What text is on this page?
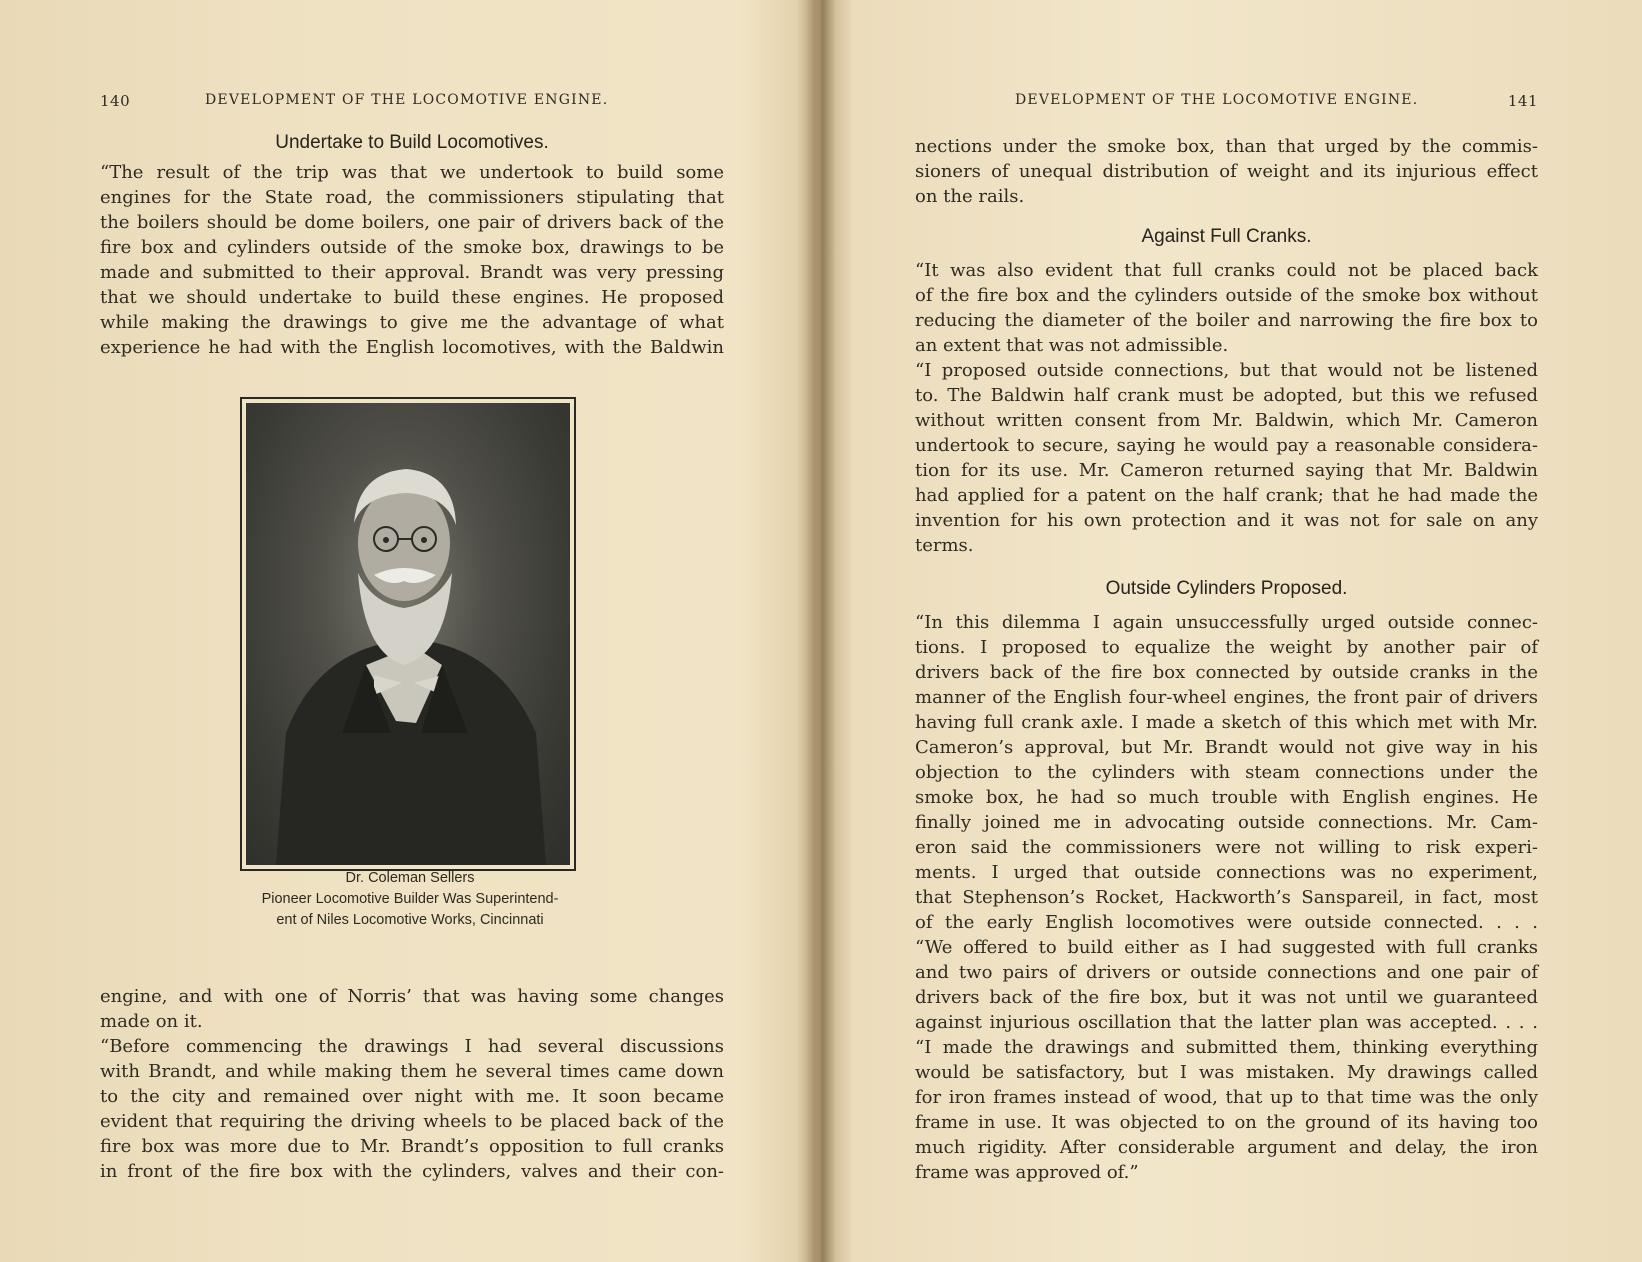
140	DEVELOPMENT OF THE LOCOMOTIVE ENGINE.
Undertake to Build Locomotives.
“The result of the trip was that we undertook to build some
engines for the State road, the commissioners stipulating that
the boilers should be dome boilers, one pair of drivers back of the
fire box and cylinders outside of the smoke box, drawings to be
made and submitted to their approval. Brandt was very pressing
that we should undertake to build these engines. He proposed
while making the drawings to give me the advantage of what
experience he had with the English locomotives, with the Baldwin
Dr. Coleman Sellers
Pioneer Locomotive Builder Was Superintend-
ent of Niles Locomotive Works, Cincinnati
engine, and with one of Norris’ that was having some changes
made on it.
“Before commencing the drawings I had several discussions
with Brandt, and while making them he several times came down
to the city and remained over night with me. It soon became
evident that requiring the driving wheels to be placed back of the
fire box was more due to Mr. Brandt’s opposition to full cranks
in front of the fire box with the cylinders, valves and their con-
DEVELOPMENT OF THE LOCOMOTIVE ENGINE.	141
nections under the smoke box, than that urged by the commis-
sioners of unequal distribution of weight and its injurious effect
on the rails.
Against Full Cranks.
“It was also evident that full cranks could not be placed back
of the fire box and the cylinders outside of the smoke box without
reducing the diameter of the boiler and narrowing the fire box to
an extent that was not admissible.
“I proposed outside connections, but that would not be listened
to. The Baldwin half crank must be adopted, but this we refused
without written consent from Mr. Baldwin, which Mr. Cameron
undertook to secure, saying he would pay a reasonable considera-
tion for its use. Mr. Cameron returned saying that Mr. Baldwin
had applied for a patent on the half crank; that he had made the
invention for his own protection and it was not for sale on any
terms.
Outside Cylinders Proposed.
“In this dilemma I again unsuccessfully urged outside connec-
tions. I proposed to equalize the weight by another pair of
drivers back of the fire box connected by outside cranks in the
manner of the English four-wheel engines, the front pair of drivers
having full crank axle. I made a sketch of this which met with Mr.
Cameron’s approval, but Mr. Brandt would not give way in his
objection to the cylinders with steam connections under the
smoke box, he had so much trouble with English engines. He
finally joined me in advocating outside connections. Mr. Cam-
eron said the commissioners were not willing to risk experi-
ments. I urged that outside connections was no experiment,
that Stephenson’s Rocket, Hackworth’s Sanspareil, in fact, most
of the early English locomotives were outside connected. . . .
“We offered to build either as I had suggested with full cranks
and two pairs of drivers or outside connections and one pair of
drivers back of the fire box, but it was not until we guaranteed
against injurious oscillation that the latter plan was accepted. . . .
“I made the drawings and submitted them, thinking everything
would be satisfactory, but I was mistaken. My drawings called
for iron frames instead of wood, that up to that time was the only
frame in use. It was objected to on the ground of its having too
much rigidity. After considerable argument and delay, the iron
frame was approved of.”
